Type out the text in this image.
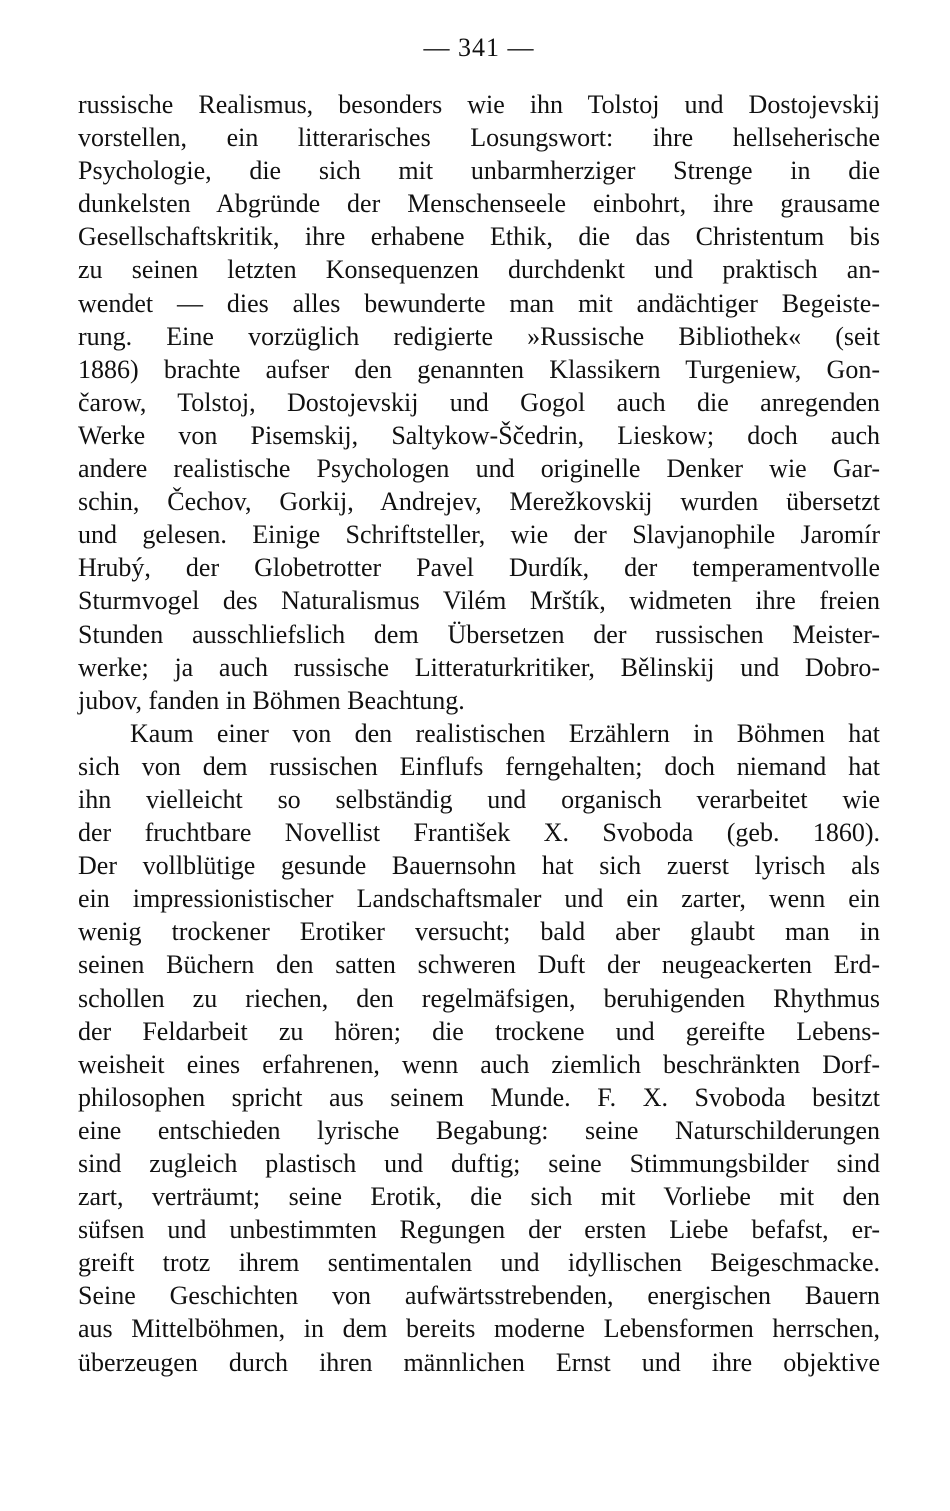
— 341 —
russische Realismus, besonders wie ihn Tolstoj und Dostojevskij
vorstellen, ein litterarisches Losungswort: ihre hellseherische
Psychologie, die sich mit unbarmherziger Strenge in die
dunkelsten Abgründe der Menschenseele einbohrt, ihre grausame
Gesellschaftskritik, ihre erhabene Ethik, die das Christentum bis
zu seinen letzten Konsequenzen durchdenkt und praktisch an-
wendet — dies alles bewunderte man mit andächtiger Begeiste-
rung. Eine vorzüglich redigierte »Russische Bibliothek« (seit
1886) brachte aufser den genannten Klassikern Turgeniew, Gon-
čarow, Tolstoj, Dostojevskij und Gogol auch die anregenden
Werke von Pisemskij, Saltykow-Ščedrin, Lieskow; doch auch
andere realistische Psychologen und originelle Denker wie Gar-
schin, Čechov, Gorkij, Andrejev, Merežkovskij wurden übersetzt
und gelesen. Einige Schriftsteller, wie der Slavjanophile Jaromír
Hrubý, der Globetrotter Pavel Durdík, der temperamentvolle
Sturmvogel des Naturalismus Vilém Mrštík, widmeten ihre freien
Stunden ausschliefslich dem Übersetzen der russischen Meister-
werke; ja auch russische Litteraturkritiker, Bělinskij und Dobro-
jubov, fanden in Böhmen Beachtung.
Kaum einer von den realistischen Erzählern in Böhmen hat
sich von dem russischen Einflufs ferngehalten; doch niemand hat
ihn vielleicht so selbständig und organisch verarbeitet wie
der fruchtbare Novellist František X. Svoboda (geb. 1860).
Der vollblütige gesunde Bauernsohn hat sich zuerst lyrisch als
ein impressionistischer Landschaftsmaler und ein zarter, wenn ein
wenig trockener Erotiker versucht; bald aber glaubt man in
seinen Büchern den satten schweren Duft der neugeackerten Erd-
schollen zu riechen, den regelmäfsigen, beruhigenden Rhythmus
der Feldarbeit zu hören; die trockene und gereifte Lebens-
weisheit eines erfahrenen, wenn auch ziemlich beschränkten Dorf-
philosophen spricht aus seinem Munde. F. X. Svoboda besitzt
eine entschieden lyrische Begabung: seine Naturschilderungen
sind zugleich plastisch und duftig; seine Stimmungsbilder sind
zart, verträumt; seine Erotik, die sich mit Vorliebe mit den
süfsen und unbestimmten Regungen der ersten Liebe befafst, er-
greift trotz ihrem sentimentalen und idyllischen Beigeschmacke.
Seine Geschichten von aufwärtsstrebenden, energischen Bauern
aus Mittelböhmen, in dem bereits moderne Lebensformen herrschen,
überzeugen durch ihren männlichen Ernst und ihre objektive
